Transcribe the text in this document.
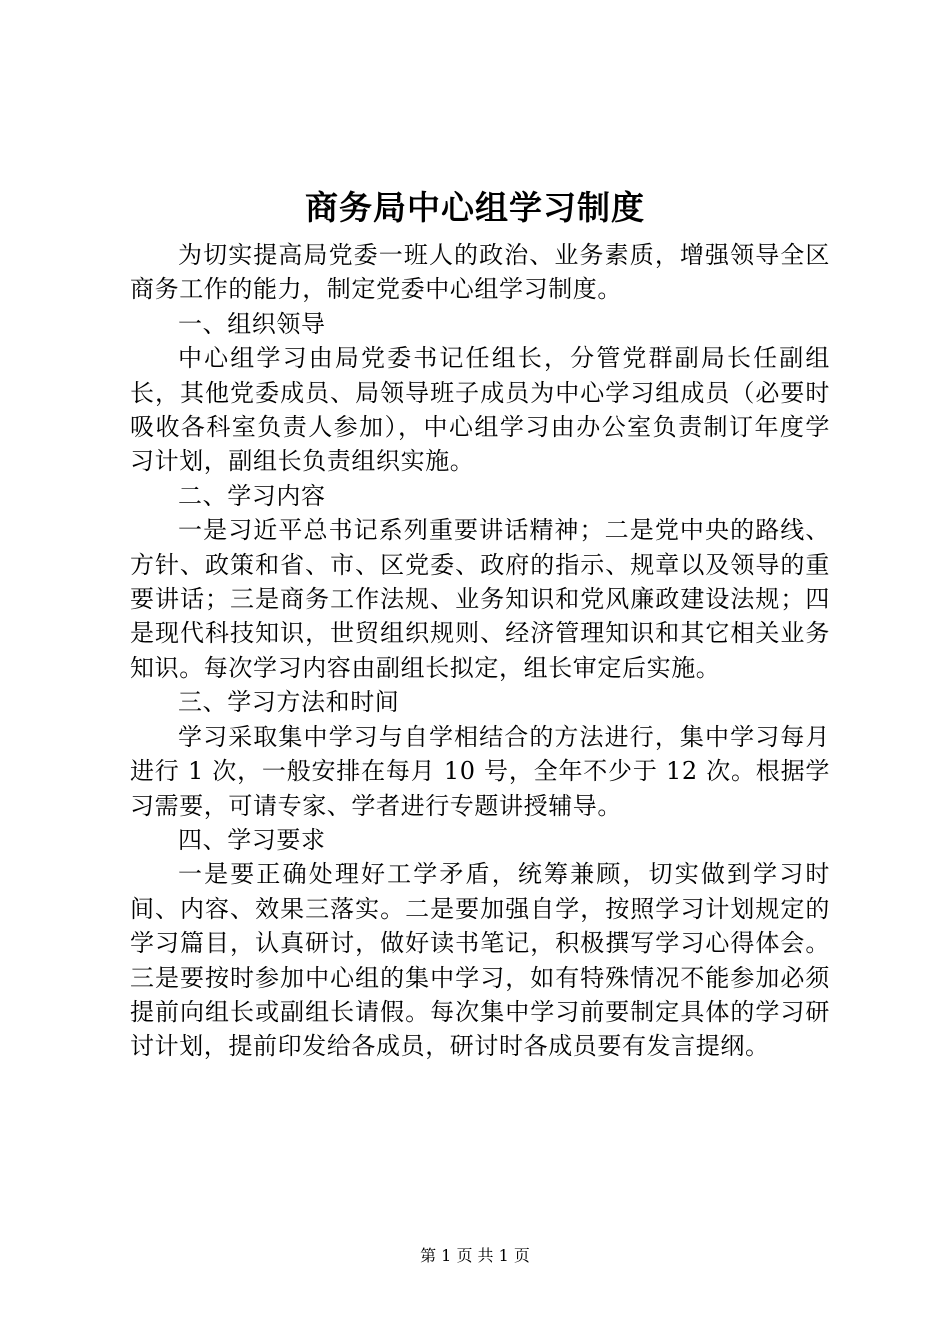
商务局中心组学习制度

为切实提高局党委一班人的政治、业务素质，增强领导全区商务工作的能力，制定党委中心组学习制度。

一、组织领导

中心组学习由局党委书记任组长，分管党群副局长任副组长，其他党委成员、局领导班子成员为中心学习组成员（必要时吸收各科室负责人参加），中心组学习由办公室负责制订年度学习计划，副组长负责组织实施。

二、学习内容

一是习近平总书记系列重要讲话精神；二是党中央的路线、方针、政策和省、市、区党委、政府的指示、规章以及领导的重要讲话；三是商务工作法规、业务知识和党风廉政建设法规；四是现代科技知识，世贸组织规则、经济管理知识和其它相关业务知识。每次学习内容由副组长拟定，组长审定后实施。

三、学习方法和时间

学习采取集中学习与自学相结合的方法进行，集中学习每月进行 1 次，一般安排在每月 10 号，全年不少于 12 次。根据学习需要，可请专家、学者进行专题讲授辅导。

四、学习要求

一是要正确处理好工学矛盾，统筹兼顾，切实做到学习时间、内容、效果三落实。二是要加强自学，按照学习计划规定的学习篇目，认真研讨，做好读书笔记，积极撰写学习心得体会。三是要按时参加中心组的集中学习，如有特殊情况不能参加必须提前向组长或副组长请假。每次集中学习前要制定具体的学习研讨计划，提前印发给各成员，研讨时各成员要有发言提纲。

第 1 页 共 1 页
